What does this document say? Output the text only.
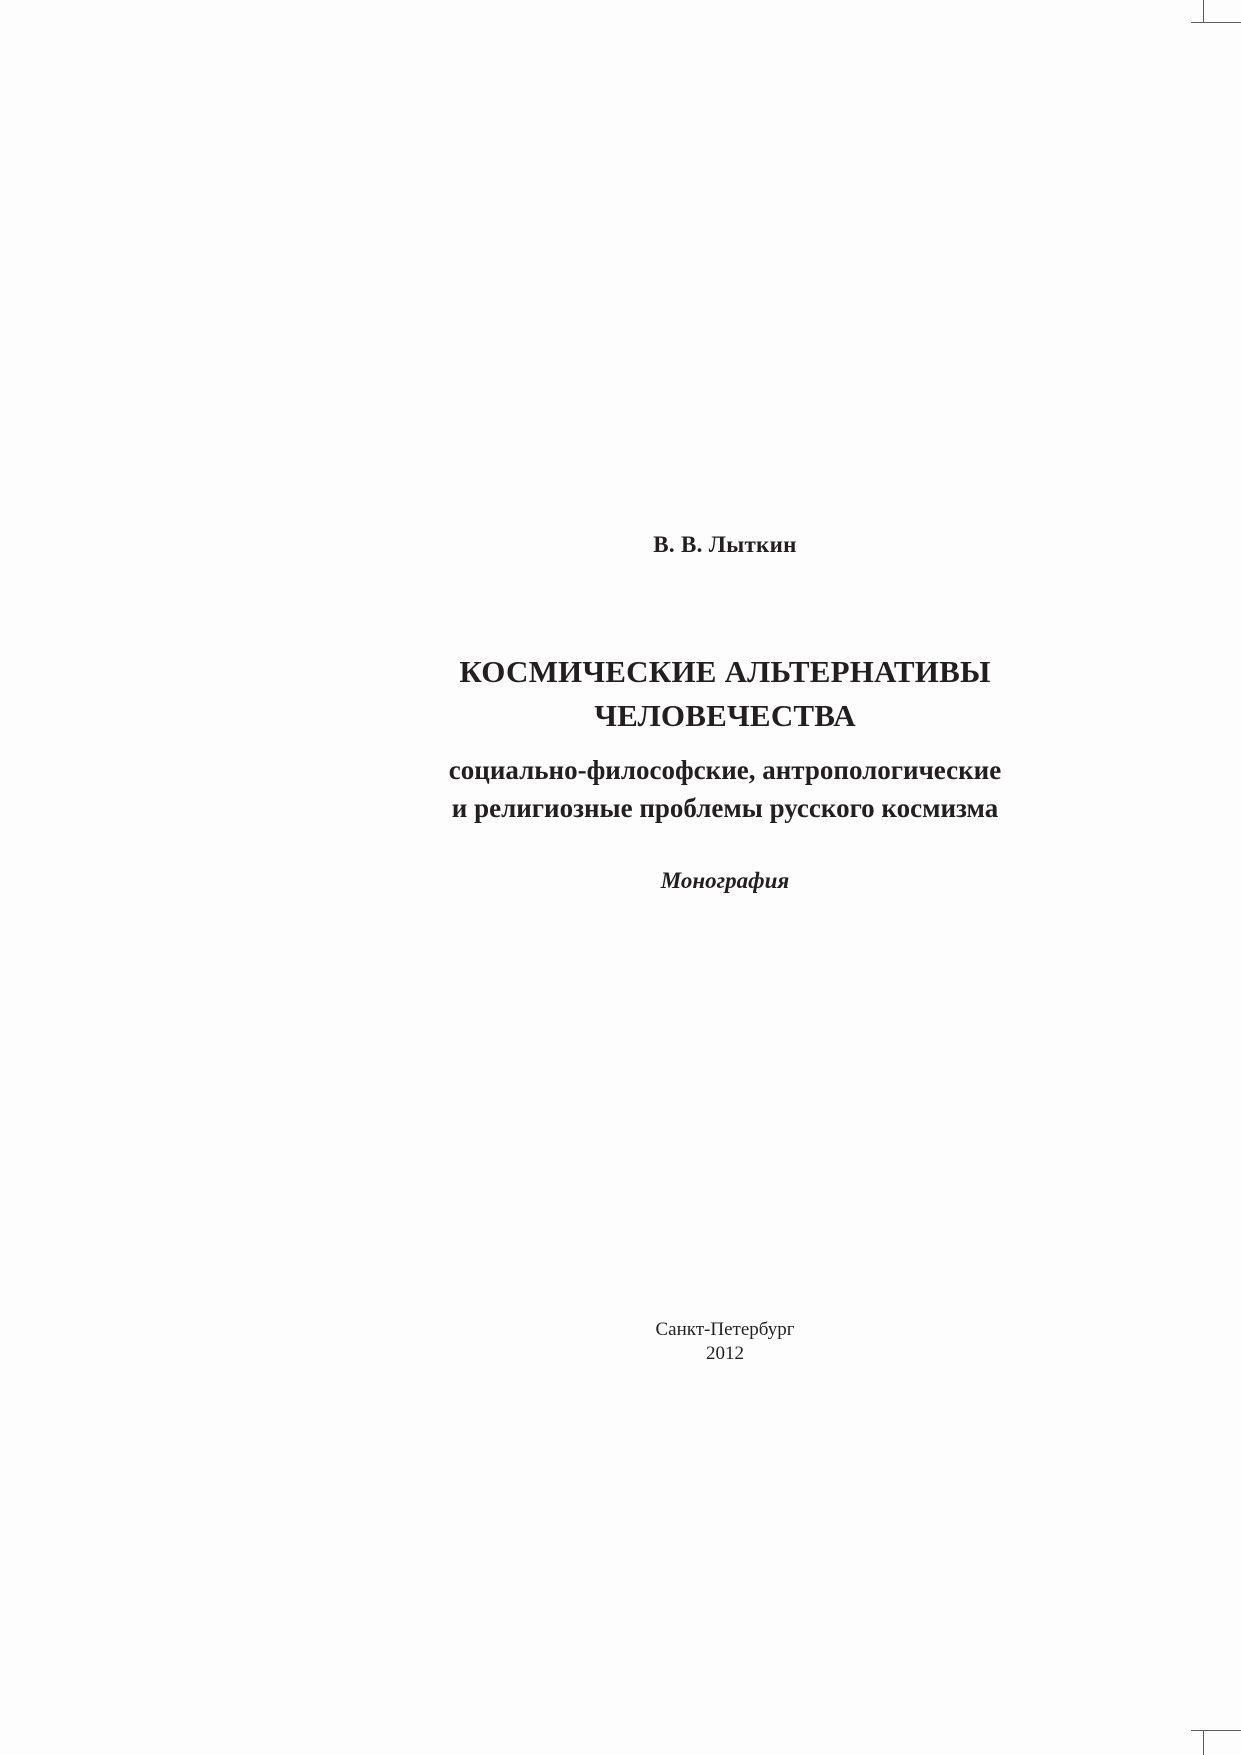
В. В. Лыткин
КОСМИЧЕСКИЕ АЛЬТЕРНАТИВЫ
ЧЕЛОВЕЧЕСТВА
социально-философские, антропологические
и религиозные проблемы русского космизма
Монография
Санкт-Петербург
2012
